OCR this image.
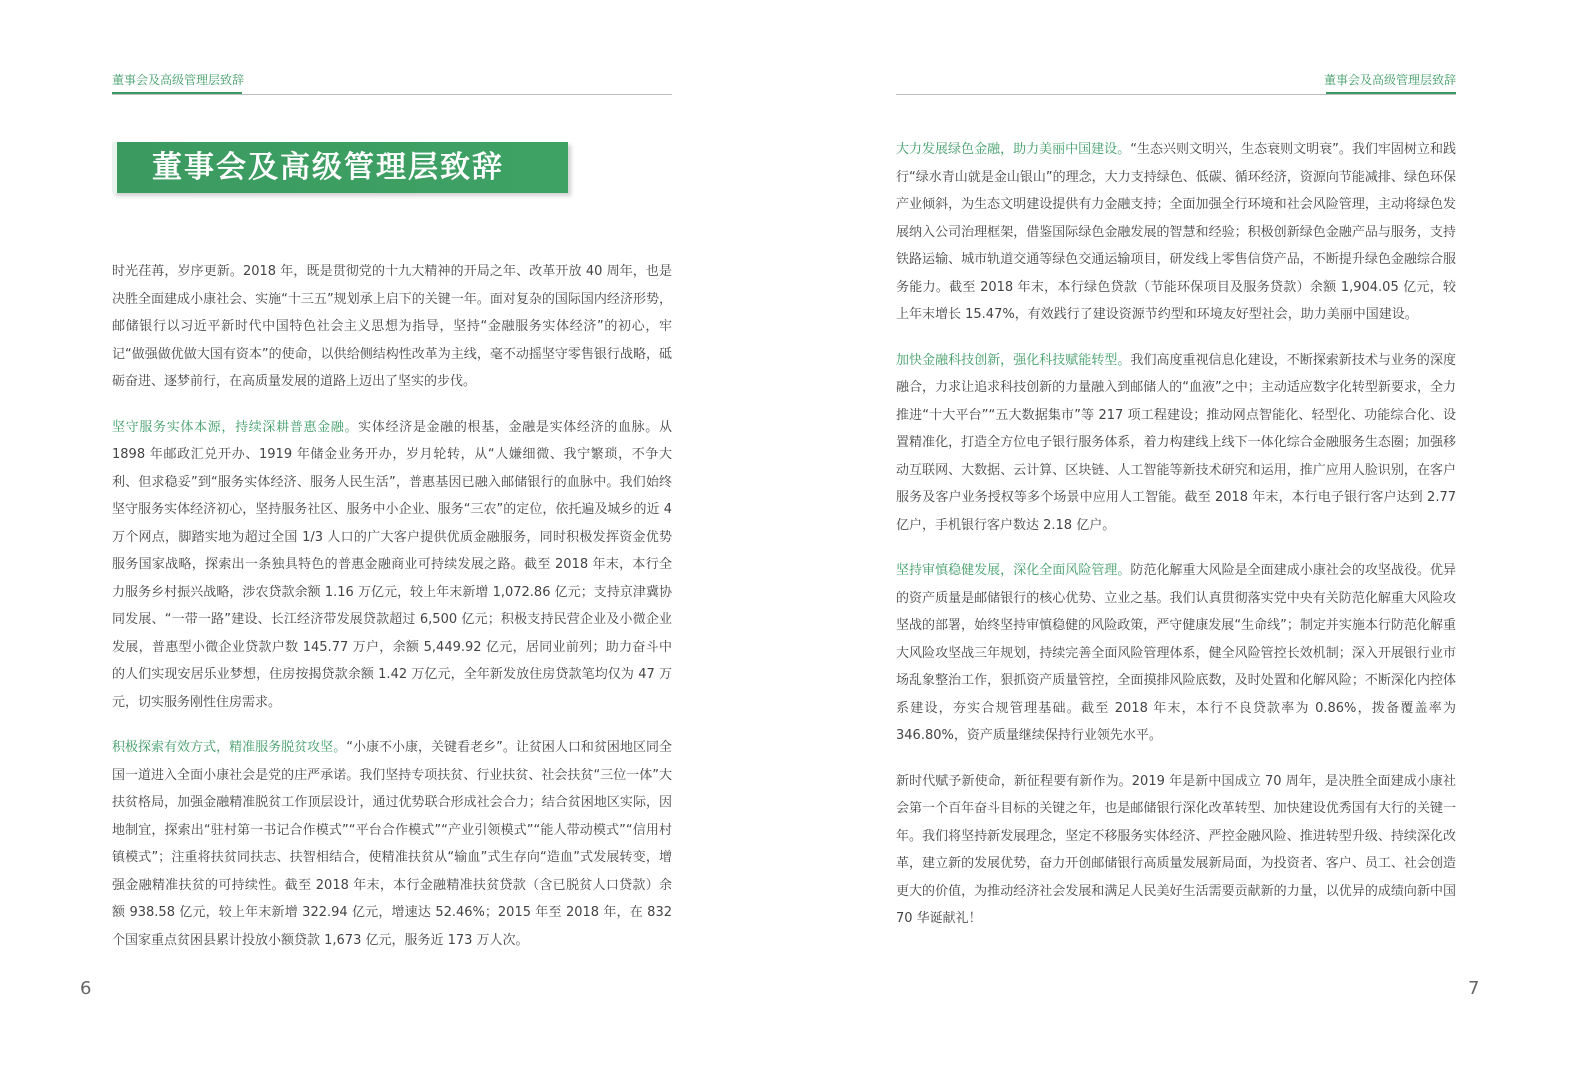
董事会及高级管理层致辞
董事会及高级管理层致辞

时光荏苒，岁序更新。2018 年，既是贯彻党的十九大精神的开局之年、改革开放 40 周年，也是决胜全面建成小康社会、实施“十三五”规划承上启下的关键一年。面对复杂的国际国内经济形势，邮储银行以习近平新时代中国特色社会主义思想为指导，坚持“金融服务实体经济”的初心，牢记“做强做优做大国有资本”的使命，以供给侧结构性改革为主线，毫不动摇坚守零售银行战略，砥砺奋进、逐梦前行，在高质量发展的道路上迈出了坚实的步伐。

坚守服务实体本源，持续深耕普惠金融。实体经济是金融的根基，金融是实体经济的血脉。从 1898 年邮政汇兑开办、1919 年储金业务开办，岁月轮转，从“人嫌细微、我宁繁琐，不争大利、但求稳妥”到“服务实体经济、服务人民生活”，普惠基因已融入邮储银行的血脉中。我们始终坚守服务实体经济初心，坚持服务社区、服务中小企业、服务“三农”的定位，依托遍及城乡的近 4 万个网点，脚踏实地为超过全国 1/3 人口的广大客户提供优质金融服务，同时积极发挥资金优势服务国家战略，探索出一条独具特色的普惠金融商业可持续发展之路。截至 2018 年末，本行全力服务乡村振兴战略，涉农贷款余额 1.16 万亿元，较上年末新增 1,072.86 亿元；支持京津冀协同发展、“一带一路”建设、长江经济带发展贷款超过 6,500 亿元；积极支持民营企业及小微企业发展，普惠型小微企业贷款户数 145.77 万户，余额 5,449.92 亿元，居同业前列；助力奋斗中的人们实现安居乐业梦想，住房按揭贷款余额 1.42 万亿元，全年新发放住房贷款笔均仅为 47 万元，切实服务刚性住房需求。

积极探索有效方式，精准服务脱贫攻坚。“小康不小康，关键看老乡”。让贫困人口和贫困地区同全国一道进入全面小康社会是党的庄严承诺。我们坚持专项扶贫、行业扶贫、社会扶贫“三位一体”大扶贫格局，加强金融精准脱贫工作顶层设计，通过优势联合形成社会合力；结合贫困地区实际，因地制宜，探索出“驻村第一书记合作模式”“平台合作模式”“产业引领模式”“能人带动模式”“信用村镇模式”；注重将扶贫同扶志、扶智相结合，使精准扶贫从“输血”式生存向“造血”式发展转变，增强金融精准扶贫的可持续性。截至 2018 年末，本行金融精准扶贫贷款（含已脱贫人口贷款）余额 938.58 亿元，较上年末新增 322.94 亿元，增速达 52.46%；2015 年至 2018 年，在 832 个国家重点贫困县累计投放小额贷款 1,673 亿元，服务近 173 万人次。

6
董事会及高级管理层致辞

大力发展绿色金融，助力美丽中国建设。“生态兴则文明兴，生态衰则文明衰”。我们牢固树立和践行“绿水青山就是金山银山”的理念，大力支持绿色、低碳、循环经济，资源向节能减排、绿色环保产业倾斜，为生态文明建设提供有力金融支持；全面加强全行环境和社会风险管理，主动将绿色发展纳入公司治理框架，借鉴国际绿色金融发展的智慧和经验；积极创新绿色金融产品与服务，支持铁路运输、城市轨道交通等绿色交通运输项目，研发线上零售信贷产品，不断提升绿色金融综合服务能力。截至 2018 年末，本行绿色贷款（节能环保项目及服务贷款）余额 1,904.05 亿元，较上年末增长 15.47%，有效践行了建设资源节约型和环境友好型社会，助力美丽中国建设。

加快金融科技创新，强化科技赋能转型。我们高度重视信息化建设，不断探索新技术与业务的深度融合，力求让追求科技创新的力量融入到邮储人的“血液”之中；主动适应数字化转型新要求，全力推进“十大平台”“五大数据集市”等 217 项工程建设；推动网点智能化、轻型化、功能综合化、设置精准化，打造全方位电子银行服务体系，着力构建线上线下一体化综合金融服务生态圈；加强移动互联网、大数据、云计算、区块链、人工智能等新技术研究和运用，推广应用人脸识别，在客户服务及客户业务授权等多个场景中应用人工智能。截至 2018 年末，本行电子银行客户达到 2.77 亿户，手机银行客户数达 2.18 亿户。

坚持审慎稳健发展，深化全面风险管理。防范化解重大风险是全面建成小康社会的攻坚战役。优异的资产质量是邮储银行的核心优势、立业之基。我们认真贯彻落实党中央有关防范化解重大风险攻坚战的部署，始终坚持审慎稳健的风险政策，严守健康发展“生命线”；制定并实施本行防范化解重大风险攻坚战三年规划，持续完善全面风险管理体系，健全风险管控长效机制；深入开展银行业市场乱象整治工作，狠抓资产质量管控，全面摸排风险底数，及时处置和化解风险；不断深化内控体系建设，夯实合规管理基础。截至 2018 年末，本行不良贷款率为 0.86%，拨备覆盖率为 346.80%，资产质量继续保持行业领先水平。

新时代赋予新使命，新征程要有新作为。2019 年是新中国成立 70 周年，是决胜全面建成小康社会第一个百年奋斗目标的关键之年，也是邮储银行深化改革转型、加快建设优秀国有大行的关键一年。我们将坚持新发展理念，坚定不移服务实体经济、严控金融风险、推进转型升级、持续深化改革，建立新的发展优势，奋力开创邮储银行高质量发展新局面，为投资者、客户、员工、社会创造更大的价值，为推动经济社会发展和满足人民美好生活需要贡献新的力量，以优异的成绩向新中国 70 华诞献礼！

7
